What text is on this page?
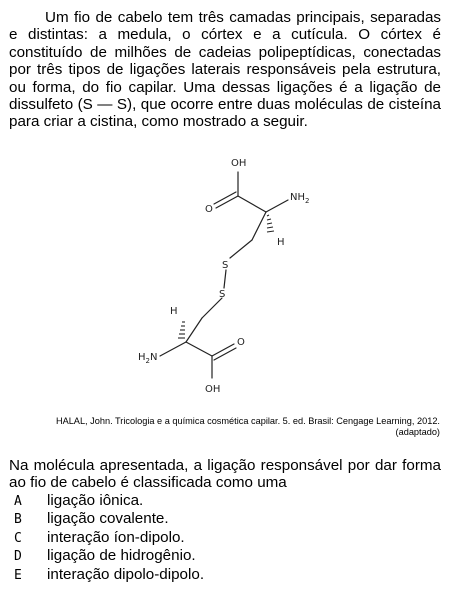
Um fio de cabelo tem três camadas principais, separadas e distintas: a medula, o córtex e a cutícula. O córtex é constituído de milhões de cadeias polipeptídicas, conectadas por três tipos de ligações laterais responsáveis pela estrutura, ou forma, do fio capilar. Uma dessas ligações é a ligação de dissulfeto (S — S), que ocorre entre duas moléculas de cisteína para criar a cistina, como mostrado a seguir.

OH
O
$NH_2$
H
S
S
H
$H_2N$
O
OH
HALAL, John. Tricologia e a química cosmética capilar. 5. ed. Brasil: Cengage Learning, 2012.
(adaptado)

Na molécula apresentada, a ligação responsável por dar forma ao fio de cabelo é classificada como uma

A ligação iônica.
B ligação covalente.
C interação íon-dipolo.
D ligação de hidrogênio.
E interação dipolo-dipolo.
